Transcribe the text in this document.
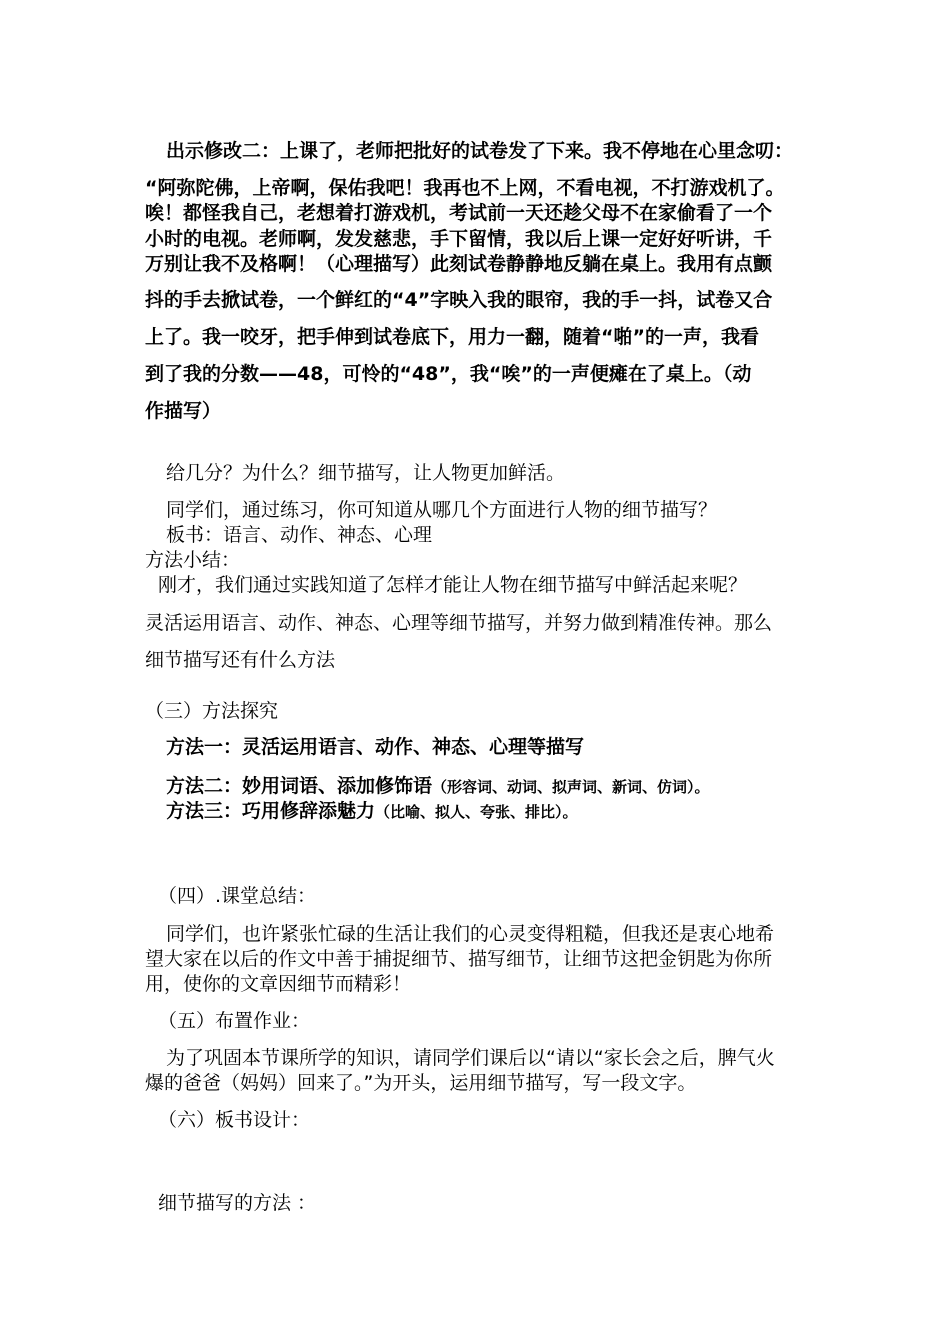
出示修改二：上课了，老师把批好的试卷发了下来。我不停地在心里念叨：
“阿弥陀佛，上帝啊，保佑我吧！我再也不上网，不看电视，不打游戏机了。
唉！都怪我自己，老想着打游戏机，考试前一天还趁父母不在家偷看了一个
小时的电视。老师啊，发发慈悲，手下留情，我以后上课一定好好听讲，千
万别让我不及格啊！（心理描写）此刻试卷静静地反躺在桌上。我用有点颤
抖的手去掀试卷，一个鲜红的“4”字映入我的眼帘，我的手一抖，试卷又合
上了。我一咬牙，把手伸到试卷底下，用力一翻，随着“啪”的一声，我看
到了我的分数——48，可怜的“48”，我“唉”的一声便瘫在了桌上。（动
作描写）
给几分？为什么？细节描写，让人物更加鲜活。
同学们，通过练习，你可知道从哪几个方面进行人物的细节描写？
板书：语言、动作、神态、心理
方法小结：
刚才，我们通过实践知道了怎样才能让人物在细节描写中鲜活起来呢？
灵活运用语言、动作、神态、心理等细节描写，并努力做到精准传神。那么
细节描写还有什么方法
（三）方法探究
方法一：灵活运用语言、动作、神态、心理等描写
方法二：妙用词语、添加修饰语（形容词、动词、拟声词、新词、仿词）。
方法三：巧用修辞添魅力（比喻、拟人、夸张、排比）。
（四）.课堂总结：
同学们，也许紧张忙碌的生活让我们的心灵变得粗糙，但我还是衷心地希
望大家在以后的作文中善于捕捉细节、描写细节，让细节这把金钥匙为你所
用，使你的文章因细节而精彩！
（五）布置作业：
为了巩固本节课所学的知识，请同学们课后以“请以“家长会之后，脾气火
爆的爸爸（妈妈）回来了。”为开头，运用细节描写，写一段文字。
（六）板书设计：
细节描写的方法 ：
